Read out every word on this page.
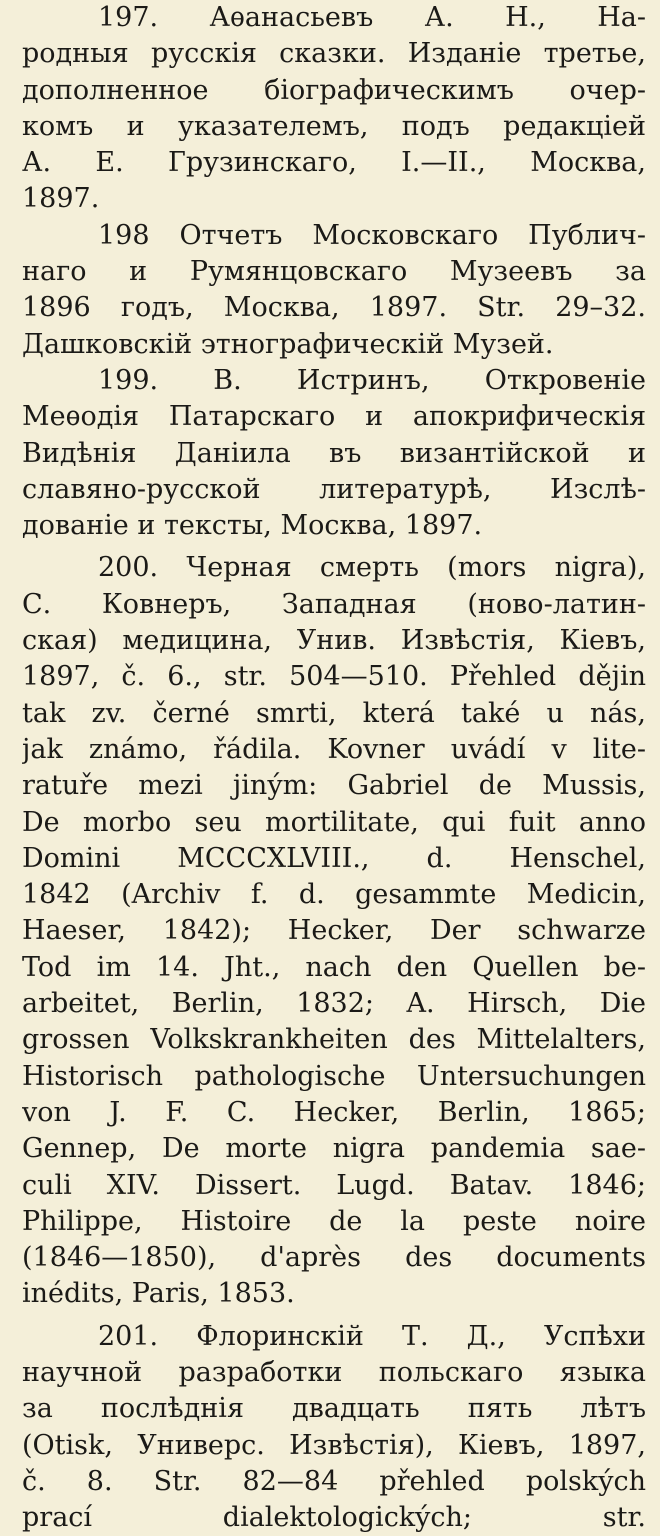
197. Аѳанасьевъ А. Н., На-
родныя русскія сказки. Изданіе третье,
дополненное біографическимъ очер-
комъ и указателемъ, подъ редакціей
А. Е. Грузинскаго, I.—II., Москва,
1897.
198 Отчетъ Московскаго Публич-
наго и Румянцовскаго Музеевъ за
1896 годъ, Москва, 1897. Str. 29–32.
Дашковскій этнографическій Музей.
199. В. Истринъ, Откровеніе
Меѳодія Патарскаго и апокрифическія
Видѣнія Даніила въ византійской и
славяно-русской литературѣ, Изслѣ-
дованіе и тексты, Москва, 1897.
200. Черная смерть (mors nigra),
С. Ковнеръ, Западная (ново-латин-
ская) медицина, Унив. Извѣстія, Кіевъ,
1897, č. 6., str. 504—510. Přehled dějin
tak zv. černé smrti, která také u nás,
jak známo, řádila. Kovner uvádí v lite-
ratuře mezi jiným: Gabriel de Mussis,
De morbo seu mortilitate, qui fuit anno
Domini MCCCXLVIII., d. Henschel,
1842 (Archiv f. d. gesammte Medicin,
Haeser, 1842); Hecker, Der schwarze
Tod im 14. Jht., nach den Quellen be-
arbeitet, Berlin, 1832; A. Hirsch, Die
grossen Volkskrankheiten des Mittelalters,
Historisch pathologische Untersuchungen
von J. F. C. Hecker, Berlin, 1865;
Gennep, De morte nigra pandemia sae-
culi XIV. Dissert. Lugd. Batav. 1846;
Philippe, Histoire de la peste noire
(1846—1850), d'après des documents
inédits, Paris, 1853.
201. Флоринскій Т. Д., Успѣхи
научной разработки польскаго языка
за послѣднія двадцать пять лѣтъ
(Otisk, Универс. Извѣстія), Кіевъ, 1897,
č. 8. Str. 82—84 přehled polských
prací dialektologických; str.
